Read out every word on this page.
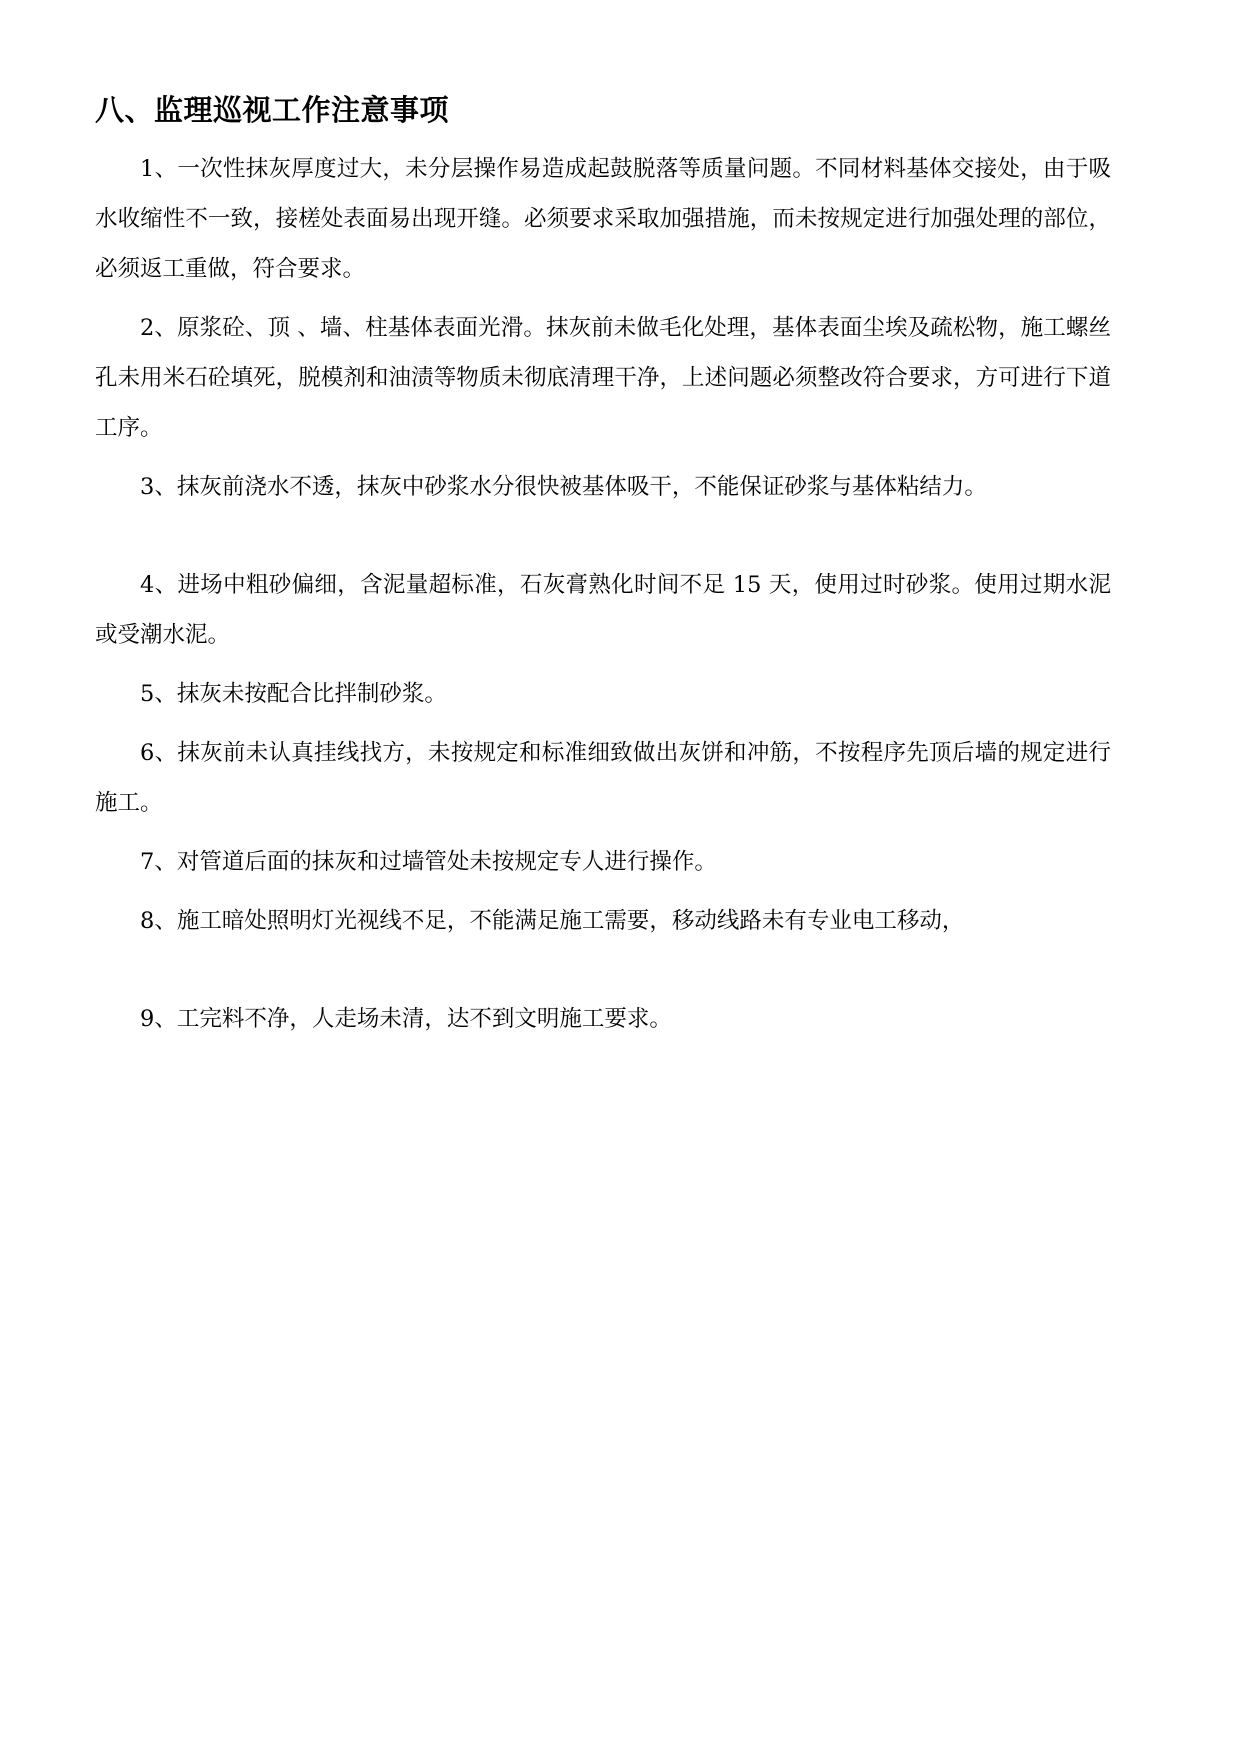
八、监理巡视工作注意事项

1、一次性抹灰厚度过大，未分层操作易造成起鼓脱落等质量问题。不同材料基体交接处，由于吸水收缩性不一致，接槎处表面易出现开缝。必须要求采取加强措施，而未按规定进行加强处理的部位，必须返工重做，符合要求。

2、原浆砼、顶 、墙、柱基体表面光滑。抹灰前未做毛化处理，基体表面尘埃及疏松物，施工螺丝孔未用米石砼填死，脱模剂和油渍等物质未彻底清理干净，上述问题必须整改符合要求，方可进行下道工序。

3、抹灰前浇水不透，抹灰中砂浆水分很快被基体吸干，不能保证砂浆与基体粘结力。

4、进场中粗砂偏细，含泥量超标准，石灰膏熟化时间不足 15 天，使用过时砂浆。使用过期水泥或受潮水泥。

5、抹灰未按配合比拌制砂浆。

6、抹灰前未认真挂线找方，未按规定和标准细致做出灰饼和冲筋，不按程序先顶后墙的规定进行施工。

7、对管道后面的抹灰和过墙管处未按规定专人进行操作。

8、施工暗处照明灯光视线不足，不能满足施工需要，移动线路未有专业电工移动，

9、工完料不净，人走场未清，达不到文明施工要求。
